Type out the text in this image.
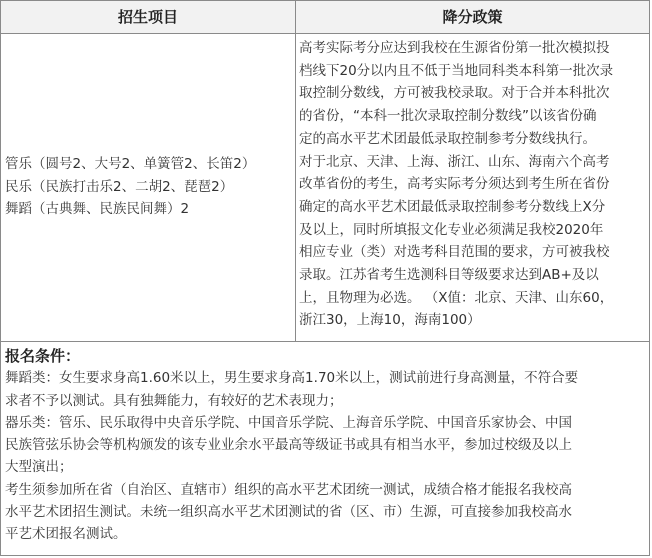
招生项目	降分政策
管乐（圆号2、大号2、单簧管2、长笛2）
民乐（民族打击乐2、二胡2、琵琶2）
舞蹈（古典舞、民族民间舞）2
高考实际考分应达到我校在生源省份第一批次模拟投
档线下20分以内且不低于当地同科类本科第一批次录
取控制分数线，方可被我校录取。对于合并本科批次
的省份，“本科一批次录取控制分数线”以该省份确
定的高水平艺术团最低录取控制参考分数线执行。
对于北京、天津、上海、浙江、山东、海南六个高考
改革省份的考生，高考实际考分须达到考生所在省份
确定的高水平艺术团最低录取控制参考分数线上X分
及以上，同时所填报文化专业必须满足我校2020年
相应专业（类）对选考科目范围的要求，方可被我校
录取。江苏省考生选测科目等级要求达到AB+及以
上，且物理为必选。 （X值：北京、天津、山东60，
浙江30，上海10，海南100）
报名条件：
舞蹈类：女生要求身高1.60米以上，男生要求身高1.70米以上，测试前进行身高测量，不符合要
求者不予以测试。具有独舞能力，有较好的艺术表现力；
器乐类：管乐、民乐取得中央音乐学院、中国音乐学院、上海音乐学院、中国音乐家协会、中国
民族管弦乐协会等机构颁发的该专业业余水平最高等级证书或具有相当水平，参加过校级及以上
大型演出；
考生须参加所在省（自治区、直辖市）组织的高水平艺术团统一测试，成绩合格才能报名我校高
水平艺术团招生测试。未统一组织高水平艺术团测试的省（区、市）生源，可直接参加我校高水
平艺术团报名测试。
